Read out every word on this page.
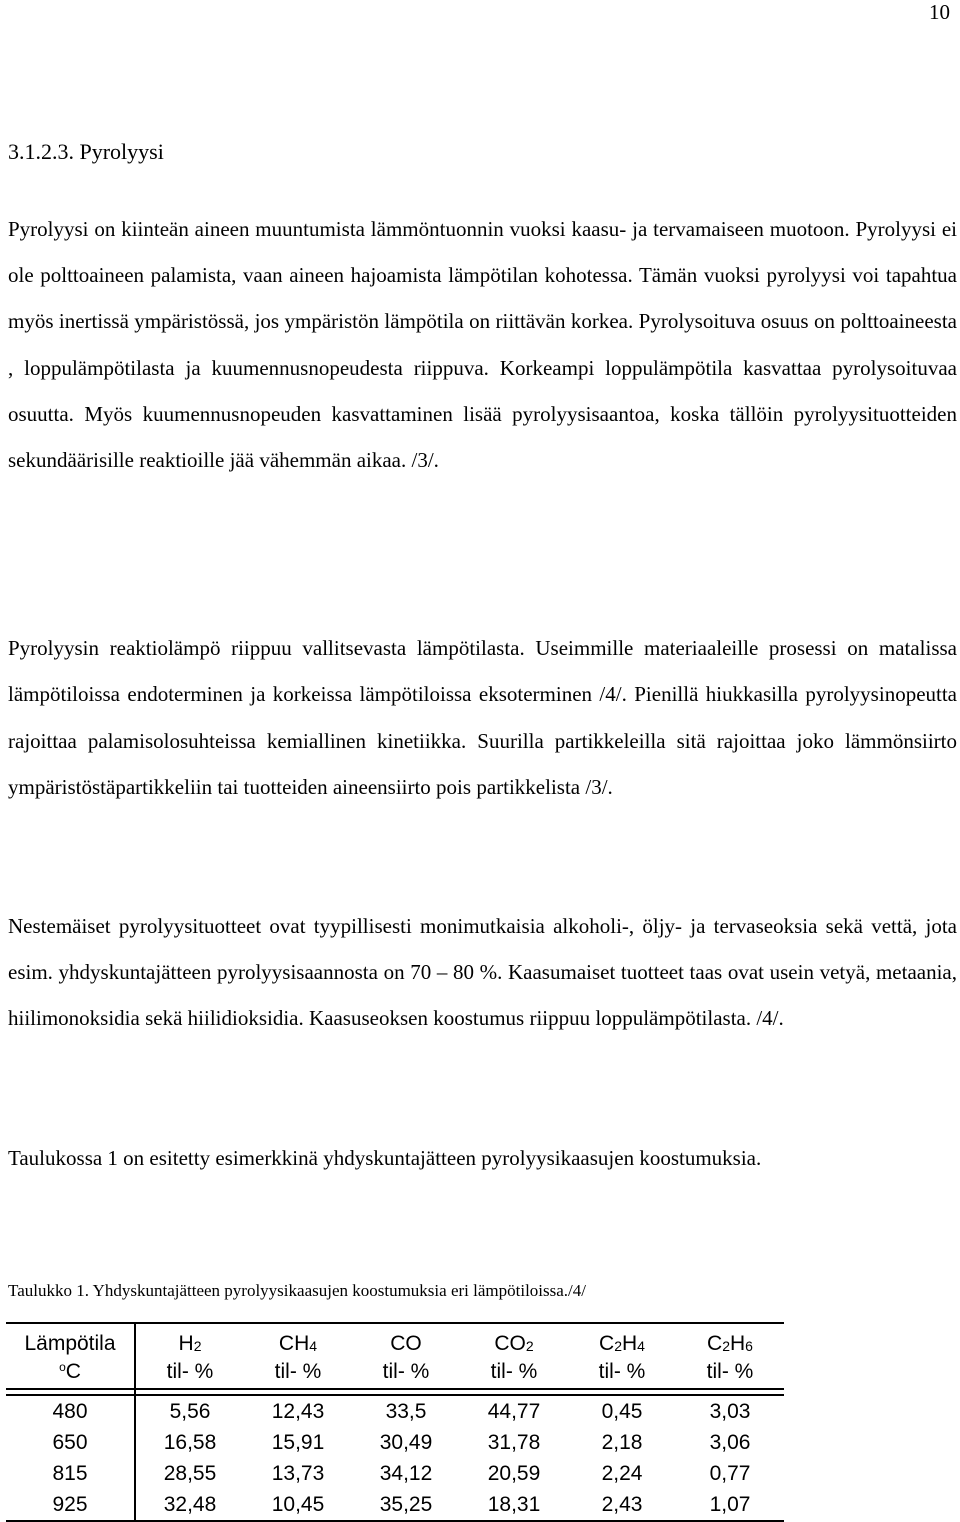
10
3.1.2.3. Pyrolyysi

Pyrolyysi on kiinteän aineen muuntumista lämmöntuonnin vuoksi kaasu- ja tervamaiseen muotoon. Pyrolyysi ei ole polttoaineen palamista, vaan aineen hajoamista lämpötilan kohotessa. Tämän vuoksi pyrolyysi voi tapahtua myös inertissä ympäristössä, jos ympäristön lämpötila on riittävän korkea. Pyrolysoituva osuus on polttoaineesta , loppulämpötilasta ja kuumennusnopeudesta riippuva. Korkeampi loppulämpötila kasvattaa pyrolysoituvaa osuutta. Myös kuumennusnopeuden kasvattaminen lisää pyrolyysisaantoa, koska tällöin pyrolyysituotteiden sekundäärisille reaktioille jää vähemmän aikaa. /3/.

Pyrolyysin reaktiolämpö riippuu vallitsevasta lämpötilasta. Useimmille materiaaleille prosessi on matalissa lämpötiloissa endoterminen ja korkeissa lämpötiloissa eksoterminen /4/. Pienillä hiukkasilla pyrolyysinopeutta rajoittaa palamisolosuhteissa kemiallinen kinetiikka. Suurilla partikkeleilla sitä rajoittaa joko lämmönsiirto ympäristöstäpartikkeliin tai tuotteiden aineensiirto pois partikkelista /3/.

Nestemäiset pyrolyysituotteet ovat tyypillisesti monimutkaisia alkoholi-, öljy- ja tervaseoksia sekä vettä, jota esim. yhdyskuntajätteen pyrolyysisaannosta on 70 – 80 %. Kaasumaiset tuotteet taas ovat usein vetyä, metaania, hiilimonoksidia sekä hiilidioksidia. Kaasuseoksen koostumus riippuu loppulämpötilasta. /4/.

Taulukossa 1 on esitetty esimerkkinä yhdyskuntajätteen pyrolyysikaasujen koostumuksia.

Taulukko 1. Yhdyskuntajätteen pyrolyysikaasujen koostumuksia eri lämpötiloissa./4/
Lämpötila	$H_2$	$CH_4$	CO	$CO_2$	$C_2H_4$	$C_2H_6$
$^o$C	til- %	til- %	til- %	til- %	til- %	til- %

480	5,56	12,43	33,5	44,77	0,45	3,03
650	16,58	15,91	30,49	31,78	2,18	3,06
815	28,55	13,73	34,12	20,59	2,24	0,77
925	32,48	10,45	35,25	18,31	2,43	1,07
